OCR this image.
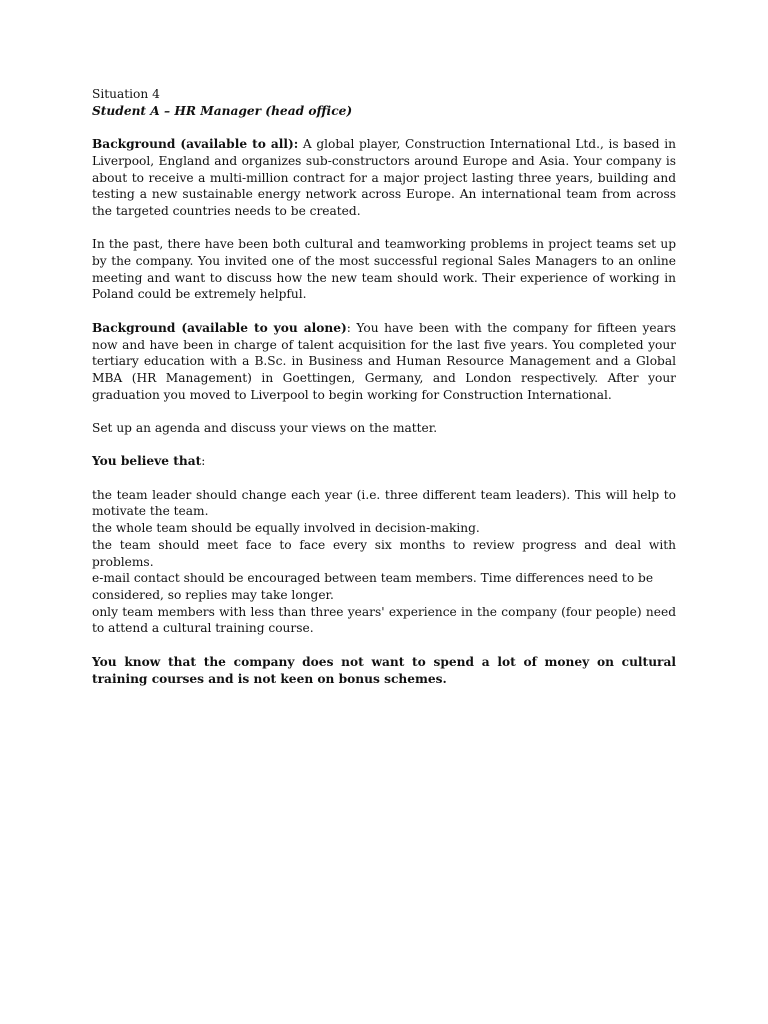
Situation 4
Student A – HR Manager (head office)

Background (available to all): A global player, Construction International Ltd., is based in Liverpool, England and organizes sub-constructors around Europe and Asia. Your company is about to receive a multi-million contract for a major project lasting three years, building and testing a new sustainable energy network across Europe. An international team from across the targeted countries needs to be created.

In the past, there have been both cultural and teamworking problems in project teams set up by the company. You invited one of the most successful regional Sales Managers to an online meeting and want to discuss how the new team should work. Their experience of working in Poland could be extremely helpful.

Background (available to you alone): You have been with the company for fifteen years now and have been in charge of talent acquisition for the last five years. You completed your tertiary education with a B.Sc. in Business and Human Resource Management and a Global MBA (HR Management) in Goettingen, Germany, and London respectively. After your graduation you moved to Liverpool to begin working for Construction International.

Set up an agenda and discuss your views on the matter.

You believe that:

the team leader should change each year (i.e. three different team leaders). This will help to motivate the team.
the whole team should be equally involved in decision-making.
the team should meet face to face every six months to review progress and deal with problems.
e-mail contact should be encouraged between team members. Time differences need to be considered, so replies may take longer.
only team members with less than three years' experience in the company (four people) need to attend a cultural training course.

You know that the company does not want to spend a lot of money on cultural training courses and is not keen on bonus schemes.
